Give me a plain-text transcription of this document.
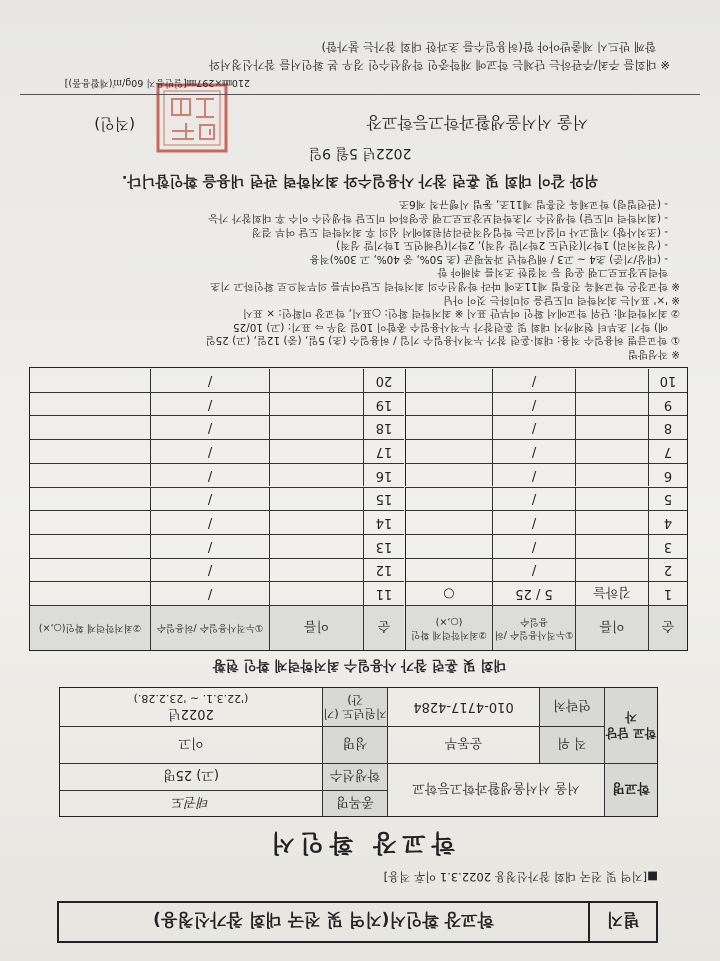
별지
학교장 확인서(지역 및 전국 대회 참가신청용)
■[지역 및 전국 대회 참가신청용 2022.3.1 이후 적용]
학교장 확인서
학교명
서울 서서울생활과학고등학교
종목명
태권도
학생선수
(고) 25명
학교 담당자
직 위
운동부
성명
이고
연락처
010-4717-4284
지원년도 (기간)
2022년
('22.3.1. ~ '23.2.28.)
대회 및 훈련 참가 사용일수 최저학력제 확인 현황
순
이름
①누적사용일수 /허용일수
②최저학력제 확인(○,×)
순
이름
①누적사용일수 /허용일수
②최저학력제 확인(○,×)
1
김하늘
5 / 25
○
11
/
2
/
12
/
3
/
13
/
4
/
14
/
5
/
15
/
6
/
16
/
7
/
17
/
8
/
18
/
9
/
19
/
10
/
20
/
※ 작성방법
① 학교급별 허용일수 적용: 대회·훈련 참가 누적사용일수 기입 / 허용일수 (초) 5일, (중) 12일, (고) 25일
예) 학기 초부터 현재까지 대회 및 훈련참가 누적사용일수 총합이 10일 경우 ⇨ 표기: (고) 10/25
② 최저학력제: 단위 학교에서 확인 여부만 표시 ※ 최저학력 확인: ○표시, 학교장 미확인: × 표시
※ '×' 표시는 최저학력 미도달을 의미하는 것이 아님
※ 학교장은 학교체육 진흥법 제11조에 따라 학생선수의 최저학력 도달여부를 의무적으로 확인하고 기초
학력보장프로그램 운영 등 적절한 조치를 취해야 함
- (대상/기준) 초4 ~ 고3 / 해당학년 과목평균 (초 50%, 중 40%, 고 30%)적용
- (성적처리) 1학기(전년도 2학기말 성적), 2학기(당해연도 1학기말 성적)
- (조치사항) 지필고사 미실시교는 학업성적관리위원회에서 심의 후 최저학력 도달 여부 결정
- (최저학력 미도달) 학생선수 기초학력보장프로그램 운영하여 미도달 학생선수 이수 후 대회참가 가능
- (관련법령) 학교체육 진흥법 제11조, 동법 시행규칙 제6조
위와 같이 대회 및 훈련 참가 사용일수와 최저학력 관련 내용을 확인합니다.
2022년 5월 9일
서울 서서울생활과학고등학교장
(직인)
210㎜×297㎜[일반용지 60g/㎡(재활용품)]
※ 대회를 주최/주관하는 단체는 학교에 재학중인 학생선수인 경우 본 확인서를 참가신청서와
함께 반드시 제출받아야 함(허용일수를 초과한 대회 참가는 불가함)
